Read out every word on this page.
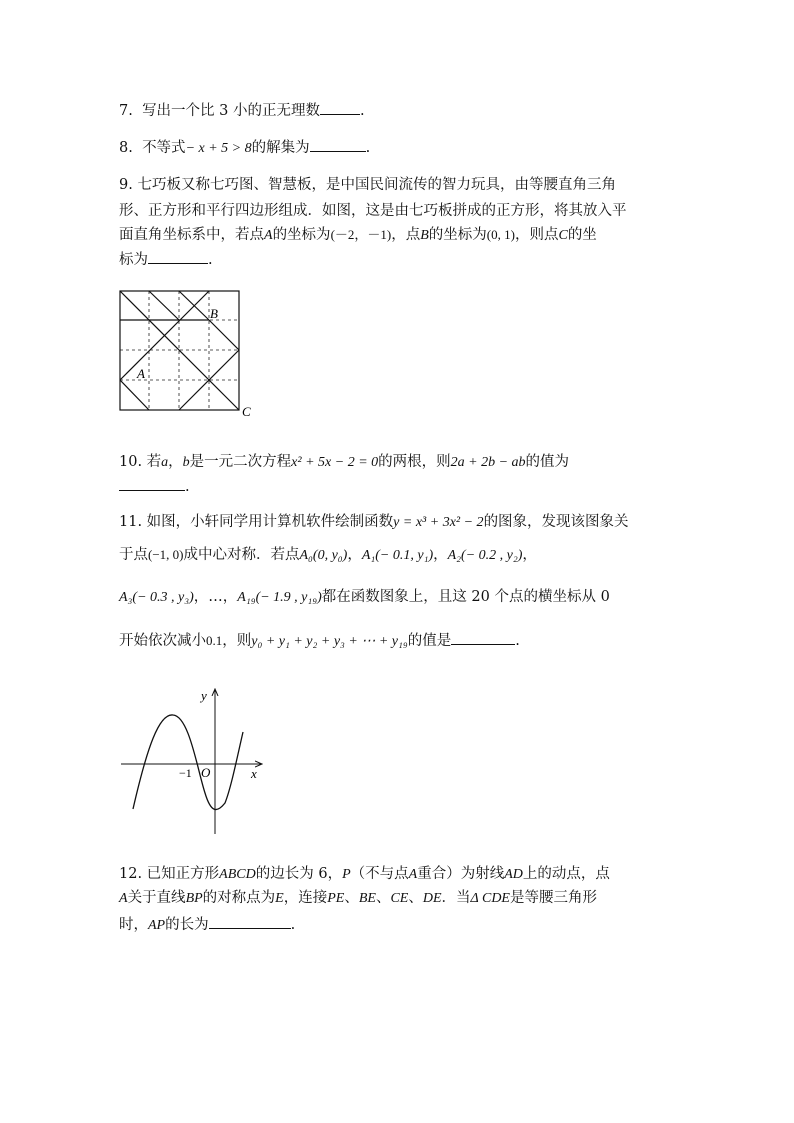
7. 写出一个比 3 小的正无理数	.
8. 不等式− x + 5 > 8的解集为	.
9. 七巧板又称七巧图、智慧板，是中国民间流传的智力玩具，由等腰直角三角
形、正方形和平行四边形组成．如图，这是由七巧板拼成的正方形，将其放入平
面直角坐标系中，若点A的坐标为(－2，－1)，点B的坐标为(0, 1)，则点C的坐
标为	.
B
A
C
10. 若a，b是一元二次方程x² + 5x − 2 = 0的两根，则2a + 2b − ab的值为
.
11. 如图，小轩同学用计算机软件绘制函数y = x³ + 3x² − 2的图象，发现该图象关
于点(−1, 0)成中心对称．若点A₀(0, y₀)，A₁(− 0.1, y₁)，A₂(− 0.2 , y₂)，
A₃(− 0.3 , y₃)，…，A₁₉(− 1.9 , y₁₉)都在函数图象上，且这 20 个点的横坐标从 0
开始依次减小0.1，则y₀ + y₁ + y₂ + y₃ + ⋯ + y₁₉的值是	.
y
x
O
−1
12. 已知正方形ABCD的边长为 6，P（不与点A重合）为射线AD上的动点，点
A关于直线BP的对称点为E，连接PE、BE、CE、DE．当Δ CDE是等腰三角形
时，AP的长为	.
